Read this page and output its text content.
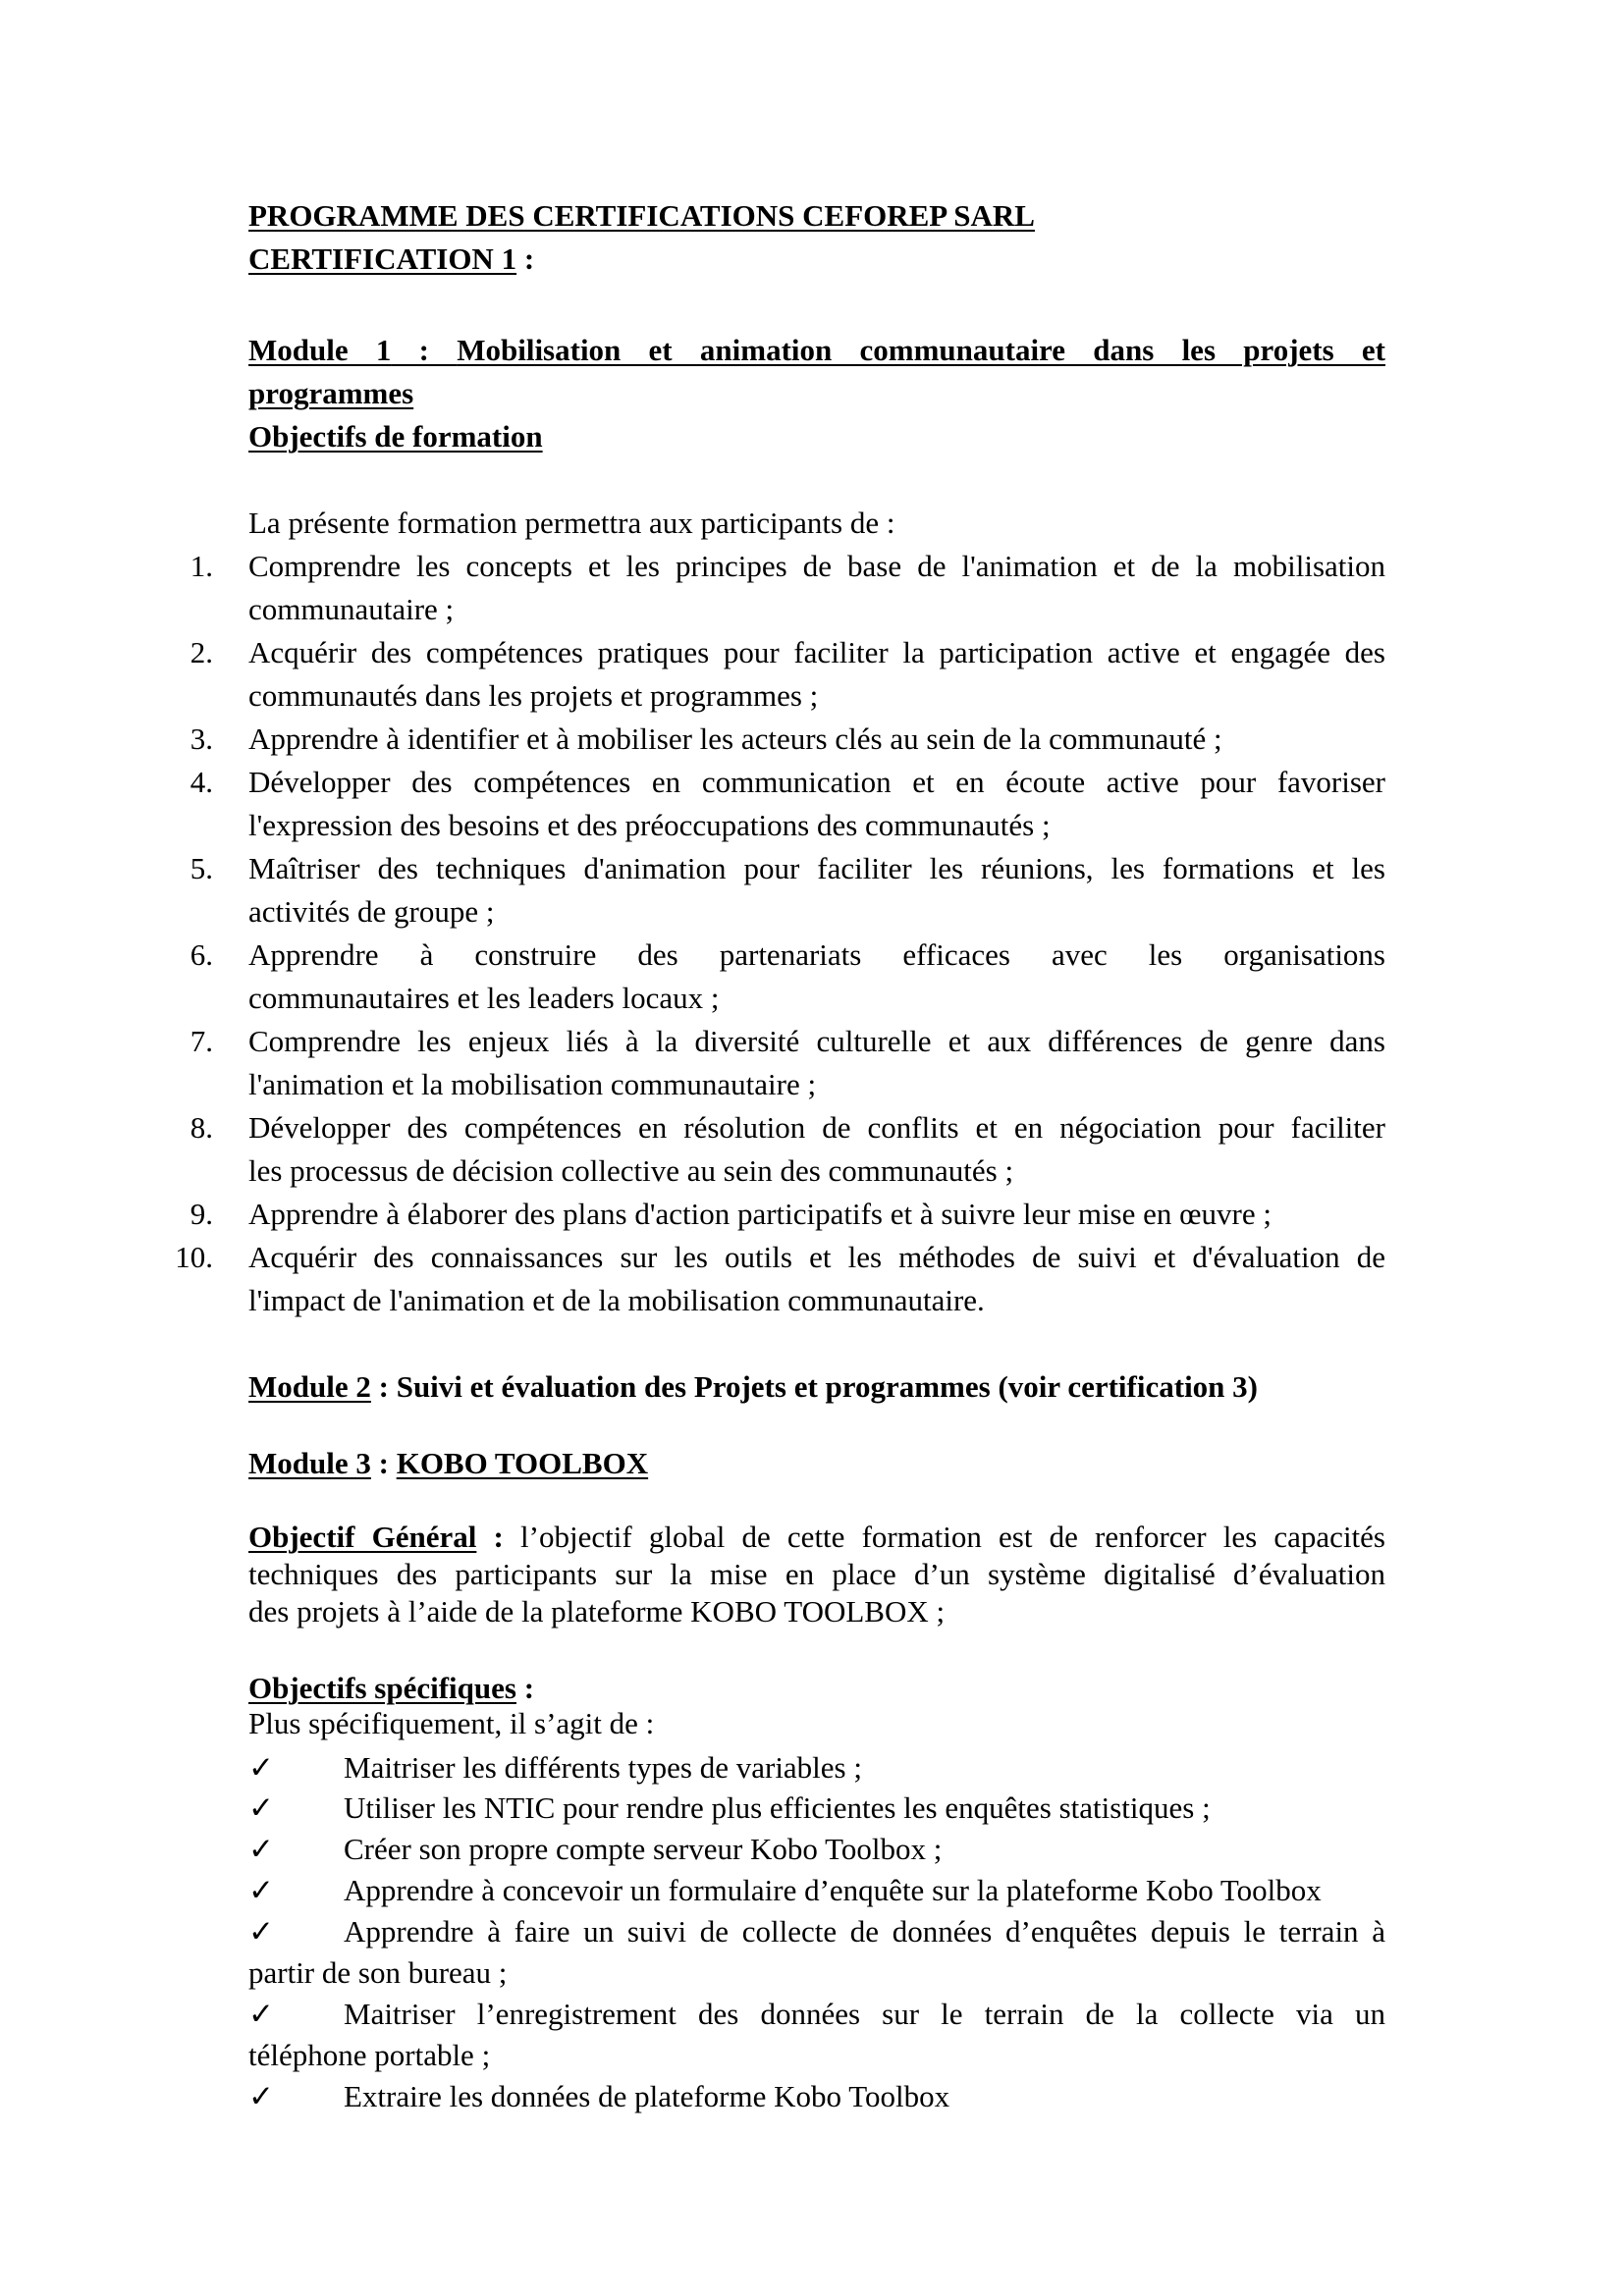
PROGRAMME DES CERTIFICATIONS CEFOREP SARL
CERTIFICATION 1 :
Module 1 : Mobilisation et animation communautaire dans les projets et
programmes
Objectifs de formation
La présente formation permettra aux participants de :
1. Comprendre les concepts et les principes de base de l'animation et de la mobilisation
communautaire ;
2. Acquérir des compétences pratiques pour faciliter la participation active et engagée des
communautés dans les projets et programmes ;
3. Apprendre à identifier et à mobiliser les acteurs clés au sein de la communauté ;
4. Développer des compétences en communication et en écoute active pour favoriser
l'expression des besoins et des préoccupations des communautés ;
5. Maîtriser des techniques d'animation pour faciliter les réunions, les formations et les
activités de groupe ;
6. Apprendre à construire des partenariats efficaces avec les organisations
communautaires et les leaders locaux ;
7. Comprendre les enjeux liés à la diversité culturelle et aux différences de genre dans
l'animation et la mobilisation communautaire ;
8. Développer des compétences en résolution de conflits et en négociation pour faciliter
les processus de décision collective au sein des communautés ;
9. Apprendre à élaborer des plans d'action participatifs et à suivre leur mise en œuvre ;
10. Acquérir des connaissances sur les outils et les méthodes de suivi et d'évaluation de
l'impact de l'animation et de la mobilisation communautaire.
Module 2 : Suivi et évaluation des Projets et programmes (voir certification 3)
Module 3 : KOBO TOOLBOX
Objectif Général : l’objectif global de cette formation est de renforcer les capacités
techniques des participants sur la mise en place d’un système digitalisé d’évaluation
des projets à l’aide de la plateforme KOBO TOOLBOX ;
Objectifs spécifiques :
Plus spécifiquement, il s’agit de :
✓ Maitriser les différents types de variables ;
✓ Utiliser les NTIC pour rendre plus efficientes les enquêtes statistiques ;
✓ Créer son propre compte serveur Kobo Toolbox ;
✓ Apprendre à concevoir un formulaire d’enquête sur la plateforme Kobo Toolbox
✓ Apprendre à faire un suivi de collecte de données d’enquêtes depuis le terrain à
partir de son bureau ;
✓ Maitriser l’enregistrement des données sur le terrain de la collecte via un
téléphone portable ;
✓ Extraire les données de plateforme Kobo Toolbox
